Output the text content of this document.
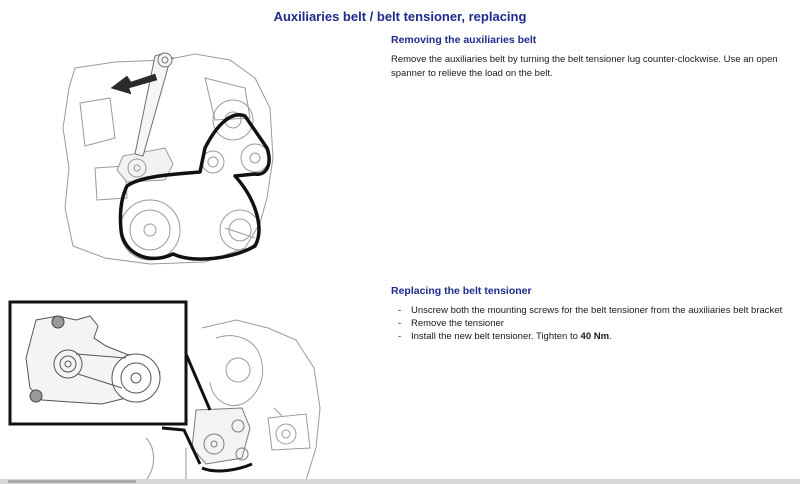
Auxiliaries belt / belt tensioner, replacing
Removing the auxiliaries belt
Remove the auxiliaries belt by turning the belt tensioner lug counter-clockwise. Use an open spanner to relieve the load on the belt.
Replacing the belt tensioner
- Unscrew both the mounting screws for the belt tensioner from the auxiliaries belt bracket
- Remove the tensioner
- Install the new belt tensioner. Tighten to 40 Nm.
